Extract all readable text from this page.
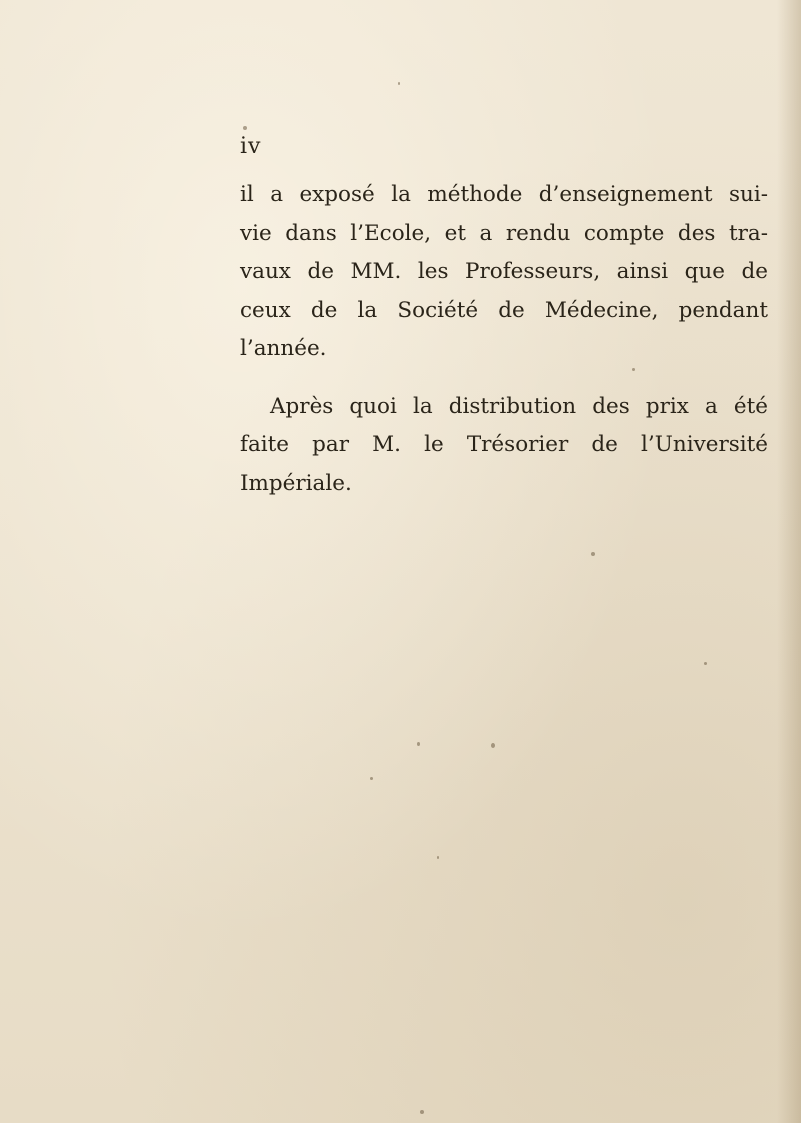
iv

il a exposé la méthode d’enseignement sui-
vie dans l’Ecole, et a rendu compte des tra-
vaux de MM. les Professeurs, ainsi que de
ceux de la Société de Médecine, pendant
l’année.
Après quoi la distribution des prix a été
faite par M. le Trésorier de l’Université
Impériale.
